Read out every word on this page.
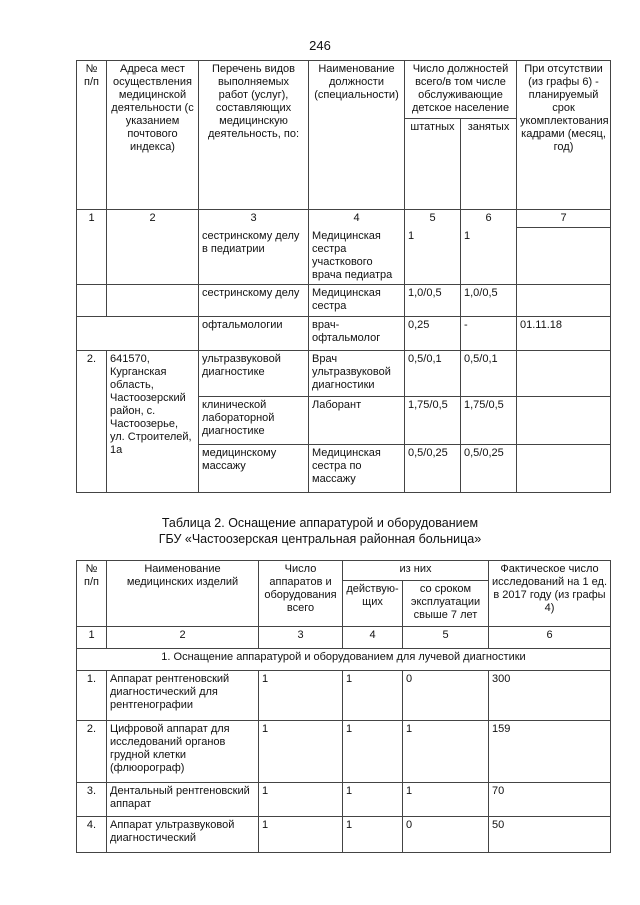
246
№ п/п	Адреса мест осуществления медицинской деятельности (с указанием почтового индекса)	Перечень видов выполняемых работ (услуг), составляющих медицинскую деятельность, по:	Наименование должности (специальности)	Число должностей всего/в том числе обслуживающие детское население		При отсутствии (из графы 6) - планируемый срок укомплектования кадрами (месяц, год)
				штатных	занятых	
1	2	3	4	5	6	7
		сестринскому делу в педиатрии	Медицинская сестра участкового врача педиатра	1	1	
		сестринскому делу	Медицинская сестра	1,0/0,5	1,0/0,5	
		офтальмологии	врач-офтальмолог	0,25	-	01.11.18
2.	641570, Курганская область, Частоозерский район, с. Частоозерье, ул. Строителей, 1а	ультразвуковой диагностике	Врач ультразвуковой диагностики	0,5/0,1	0,5/0,1	
		клинической лабораторной диагностике	Лаборант	1,75/0,5	1,75/0,5	
		медицинскому массажу	Медицинская сестра по массажу	0,5/0,25	0,5/0,25	
Таблица 2. Оснащение аппаратурой и оборудованием
ГБУ «Частоозерская центральная районная больница»
№ п/п	Наименование медицинских изделий	Число аппаратов и оборудования всего	из них		Фактическое число исследований на 1 ед. в 2017 году (из графы 4)
			действую-щих	со сроком эксплуатации свыше 7 лет	
1	2	3	4	5	6
1. Оснащение аппаратурой и оборудованием для лучевой диагностики					
1.	Аппарат рентгеновский диагностический для рентгенографии	1	1	0	300
2.	Цифровой аппарат для исследований органов грудной клетки (флюорограф)	1	1	1	159
3.	Дентальный рентгеновский аппарат	1	1	1	70
4.	Аппарат ультразвуковой диагностический	1	1	0	50
